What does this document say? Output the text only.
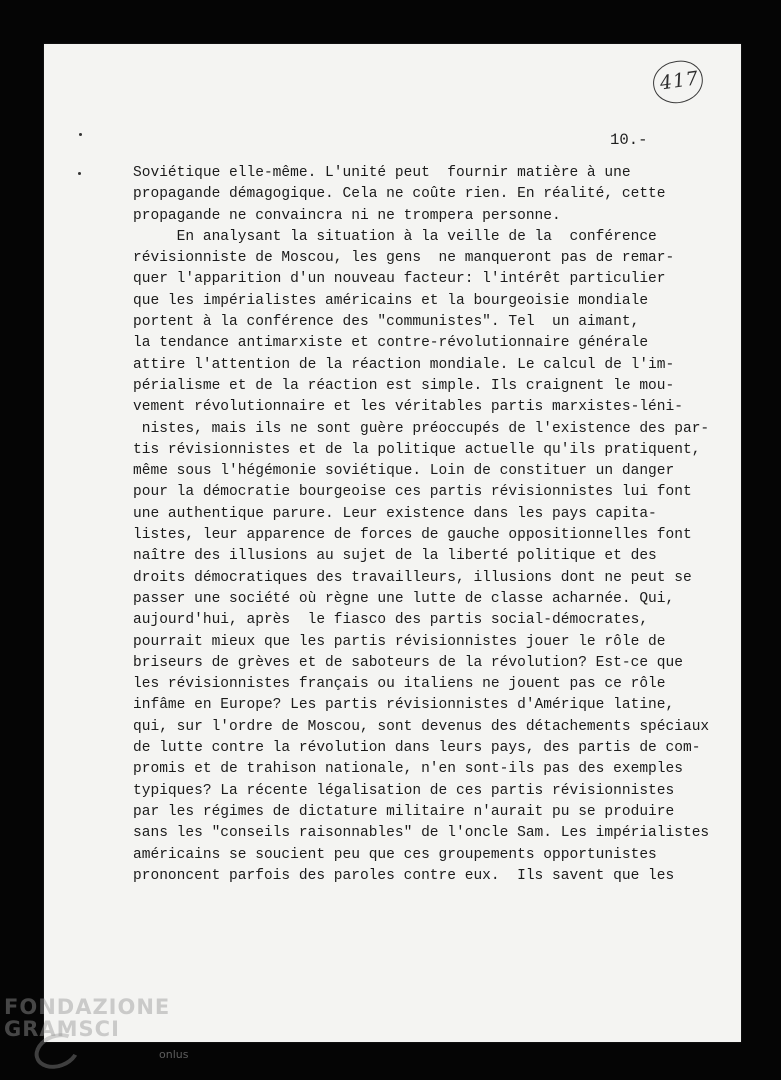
417
10.-
Soviétique elle-même. L'unité peut  fournir matière à une
propagande démagogique. Cela ne coûte rien. En réalité, cette
propagande ne convaincra ni ne trompera personne.
En analysant la situation à la veille de la  conférence
révisionniste de Moscou, les gens  ne manqueront pas de remar-
quer l'apparition d'un nouveau facteur: l'intérêt particulier
que les impérialistes américains et la bourgeoisie mondiale
portent à la conférence des "communistes". Tel  un aimant,
la tendance antimarxiste et contre-révolutionnaire générale
attire l'attention de la réaction mondiale. Le calcul de l'im-
périalisme et de la réaction est simple. Ils craignent le mou-
vement révolutionnaire et les véritables partis marxistes-léni-
nistes, mais ils ne sont guère préoccupés de l'existence des par-
tis révisionnistes et de la politique actuelle qu'ils pratiquent,
même sous l'hégémonie soviétique. Loin de constituer un danger
pour la démocratie bourgeoise ces partis révisionnistes lui font
une authentique parure. Leur existence dans les pays capita-
listes, leur apparence de forces de gauche oppositionnelles font
naître des illusions au sujet de la liberté politique et des
droits démocratiques des travailleurs, illusions dont ne peut se
passer une société où règne une lutte de classe acharnée. Qui,
aujourd'hui, après  le fiasco des partis social-démocrates,
pourrait mieux que les partis révisionnistes jouer le rôle de
briseurs de grèves et de saboteurs de la révolution? Est-ce que
les révisionnistes français ou italiens ne jouent pas ce rôle
infâme en Europe? Les partis révisionnistes d'Amérique latine,
qui, sur l'ordre de Moscou, sont devenus des détachements spéciaux
de lutte contre la révolution dans leurs pays, des partis de com-
promis et de trahison nationale, n'en sont-ils pas des exemples
typiques? La récente légalisation de ces partis révisionnistes
par les régimes de dictature militaire n'aurait pu se produire
sans les "conseils raisonnables" de l'oncle Sam. Les impérialistes
américains se soucient peu que ces groupements opportunistes
prononcent parfois des paroles contre eux.  Ils savent que les
FONDAZIONE
GRAMSCI
onlus
